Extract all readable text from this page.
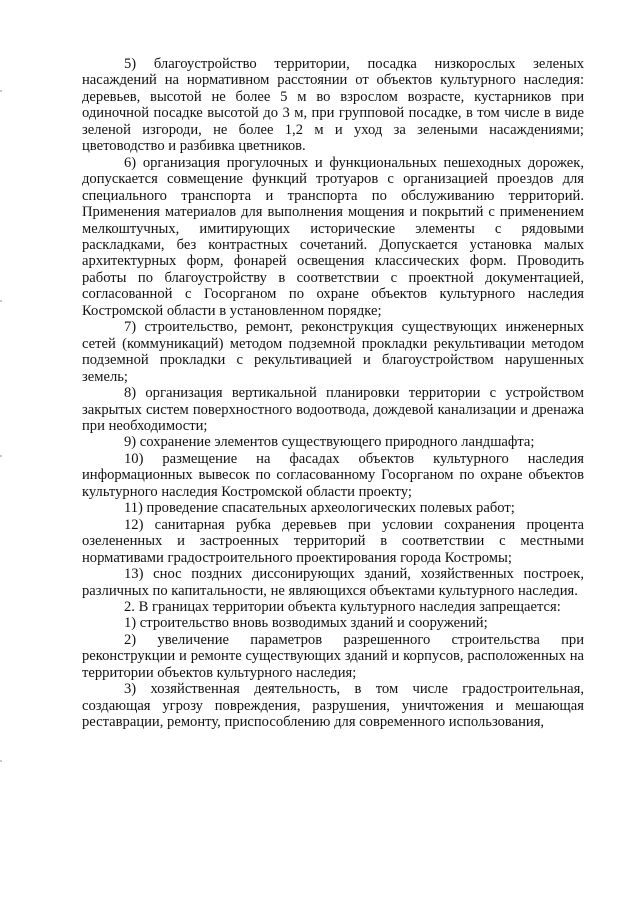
5) благоустройство территории, посадка низкорослых зеленых насаждений на нормативном расстоянии от объектов культурного наследия: деревьев, высотой не более 5 м во взрослом возрасте, кустарников при одиночной посадке высотой до 3 м, при групповой посадке, в том числе в виде зеленой изгороди, не более 1,2 м и уход за зелеными насаждениями; цветоводство и разбивка цветников.

6) организация прогулочных и функциональных пешеходных дорожек, допускается совмещение функций тротуаров с организацией проездов для специального транспорта и транспорта по обслуживанию территорий. Применения материалов для выполнения мощения и покрытий с применением мелкоштучных, имитирующих исторические элементы с рядовыми раскладками, без контрастных сочетаний. Допускается установка малых архитектурных форм, фонарей освещения классических форм. Проводить работы по благоустройству в соответствии с проектной документацией, согласованной с Госорганом по охране объектов культурного наследия Костромской области в установленном порядке;

7) строительство, ремонт, реконструкция существующих инженерных сетей (коммуникаций) методом подземной прокладки рекультивации методом подземной прокладки с рекультивацией и благоустройством нарушенных земель;

8) организация вертикальной планировки территории с устройством закрытых систем поверхностного водоотвода, дождевой канализации и дренажа при необходимости;

9) сохранение элементов существующего природного ландшафта;

10) размещение на фасадах объектов культурного наследия информационных вывесок по согласованному Госорганом по охране объектов культурного наследия Костромской области проекту;

11) проведение спасательных археологических полевых работ;

12) санитарная рубка деревьев при условии сохранения процента озелененных и застроенных территорий в соответствии с местными нормативами градостроительного проектирования города Костромы;

13) снос поздних диссонирующих зданий, хозяйственных построек, различных по капитальности, не являющихся объектами культурного наследия.

2. В границах территории объекта культурного наследия запрещается:

1) строительство вновь возводимых зданий и сооружений;

2) увеличение параметров разрешенного строительства при реконструкции и ремонте существующих зданий и корпусов, расположенных на территории объектов культурного наследия;

3) хозяйственная деятельность, в том числе градостроительная, создающая угрозу повреждения, разрушения, уничтожения и мешающая реставрации, ремонту, приспособлению для современного использования,
